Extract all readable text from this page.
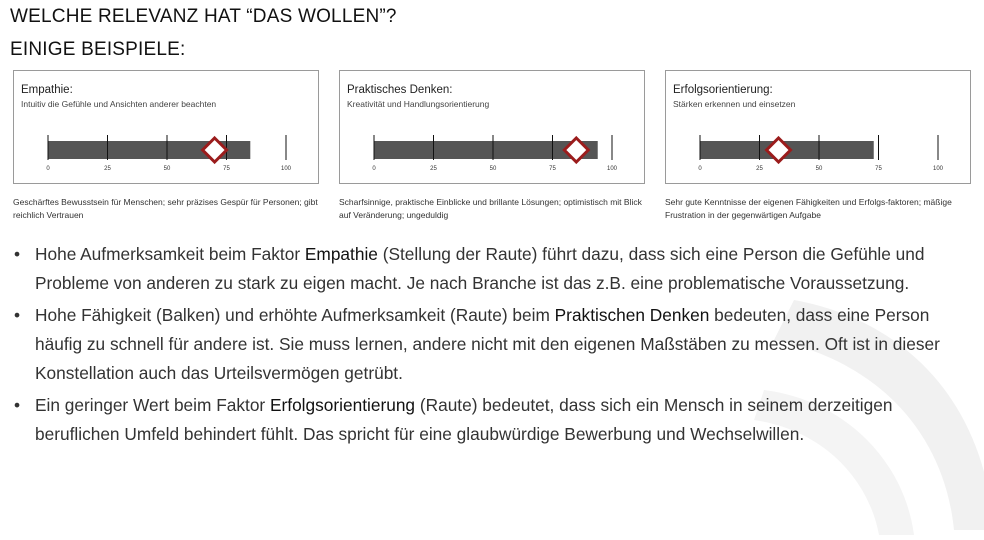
WELCHE RELEVANZ HAT “DAS WOLLEN”?
EINIGE BEISPIELE:
Empathie:
Intuitiv die Gefühle und Ansichten anderer beachten
0	25	50	75	100
Praktisches Denken:
Kreativität und Handlungsorientierung
0	25	50	75	100
Erfolgsorientierung:
Stärken erkennen und einsetzen
0	25	50	75	100
Geschärftes Bewusstsein für Menschen; sehr präzises Gespür für Personen; gibt reichlich Vertrauen
Scharfsinnige, praktische Einblicke und brillante Lösungen; optimistisch mit Blick auf Veränderung; ungeduldig
Sehr gute Kenntnisse der eigenen Fähigkeiten und Erfolgs-faktoren; mäßige Frustration in der gegenwärtigen Aufgabe
• Hohe Aufmerksamkeit beim Faktor Empathie (Stellung der Raute) führt dazu, dass sich eine Person die Gefühle und Probleme von anderen zu stark zu eigen macht. Je nach Branche ist das z.B. eine problematische Voraussetzung.
• Hohe Fähigkeit (Balken) und erhöhte Aufmerksamkeit (Raute) beim Praktischen Denken bedeuten, dass eine Person häufig zu schnell für andere ist. Sie muss lernen, andere nicht mit den eigenen Maßstäben zu messen. Oft ist in dieser Konstellation auch das Urteilsvermögen getrübt.
• Ein geringer Wert beim Faktor Erfolgsorientierung (Raute) bedeutet, dass sich ein Mensch in seinem derzeitigen beruflichen Umfeld behindert fühlt. Das spricht für eine glaubwürdige Bewerbung und Wechselwillen.
